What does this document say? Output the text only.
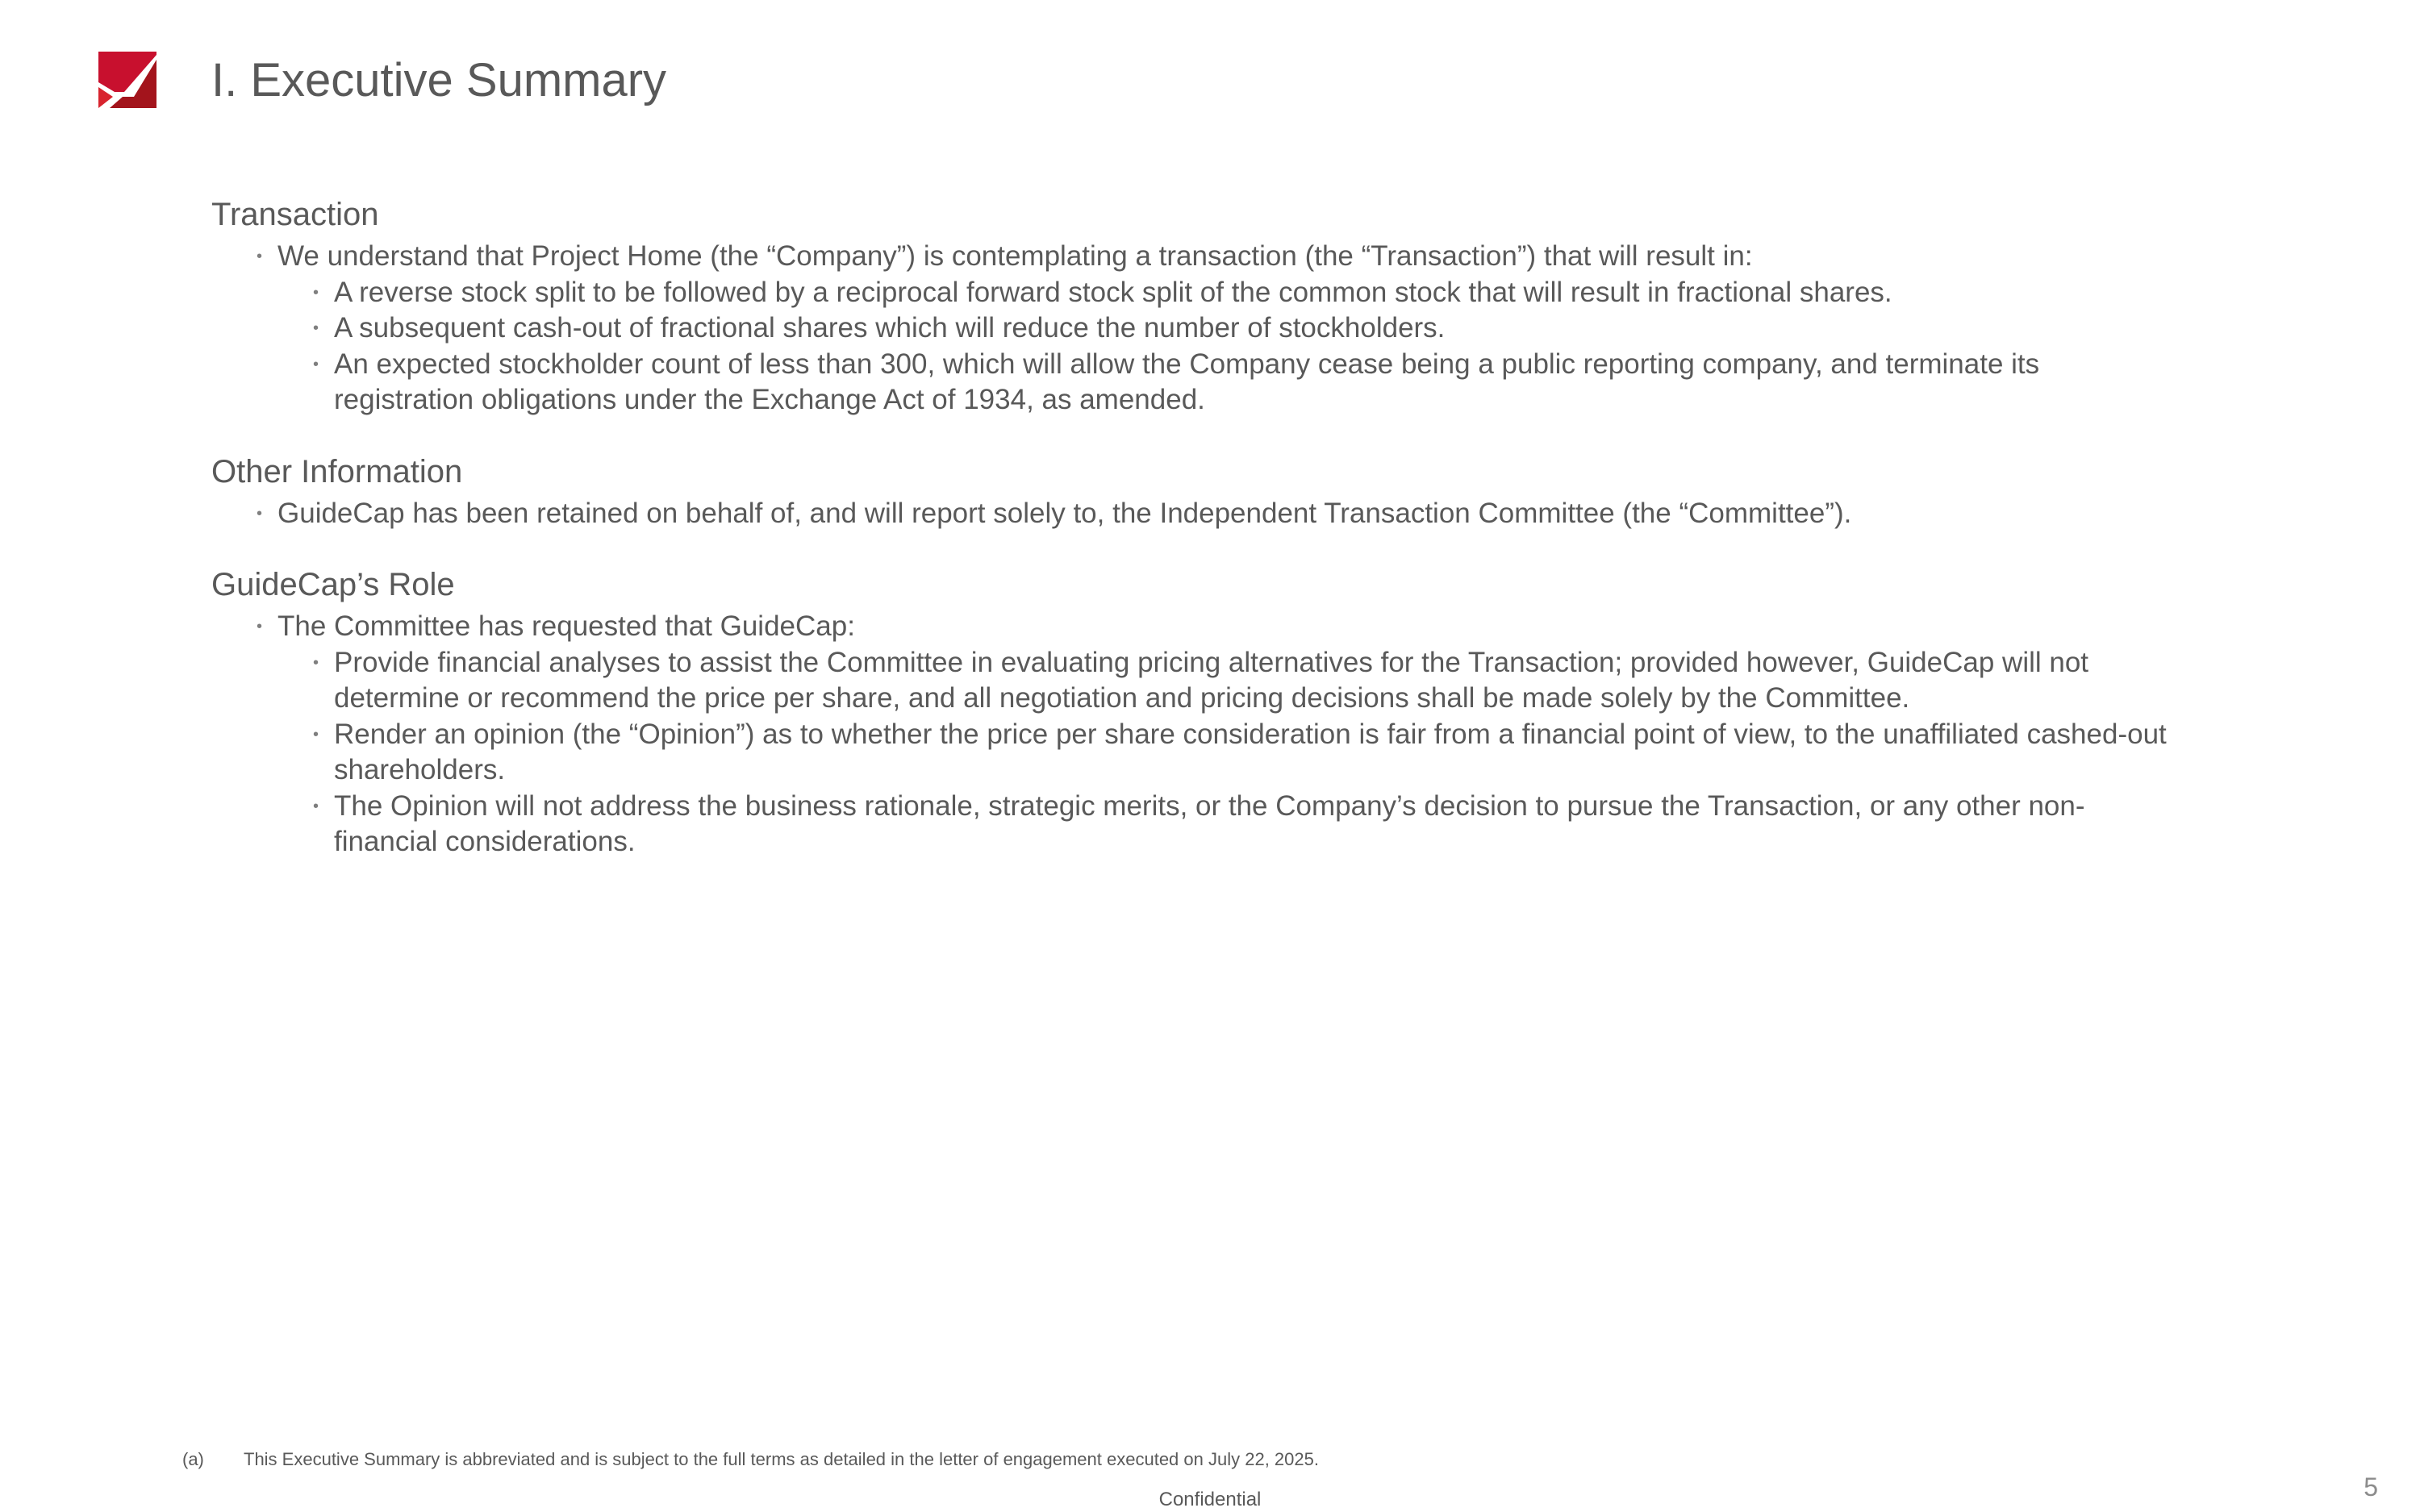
I. Executive Summary
Transaction
• We understand that Project Home (the “Company”) is contemplating a transaction (the “Transaction”) that will result in:
• A reverse stock split to be followed by a reciprocal forward stock split of the common stock that will result in fractional shares.
• A subsequent cash-out of fractional shares which will reduce the number of stockholders.
• An expected stockholder count of less than 300, which will allow the Company cease being a public reporting company, and terminate its registration obligations under the Exchange Act of 1934, as amended.
Other Information
• GuideCap has been retained on behalf of, and will report solely to, the Independent Transaction Committee (the “Committee”).
GuideCap’s Role
• The Committee has requested that GuideCap:
• Provide financial analyses to assist the Committee in evaluating pricing alternatives for the Transaction; provided however, GuideCap will not determine or recommend the price per share, and all negotiation and pricing decisions shall be made solely by the Committee.
• Render an opinion (the “Opinion”) as to whether the price per share consideration is fair from a financial point of view, to the unaffiliated cashed-out shareholders.
• The Opinion will not address the business rationale, strategic merits, or the Company’s decision to pursue the Transaction, or any other non-financial considerations.
(a) This Executive Summary is abbreviated and is subject to the full terms as detailed in the letter of engagement executed on July 22, 2025.
Confidential	5
